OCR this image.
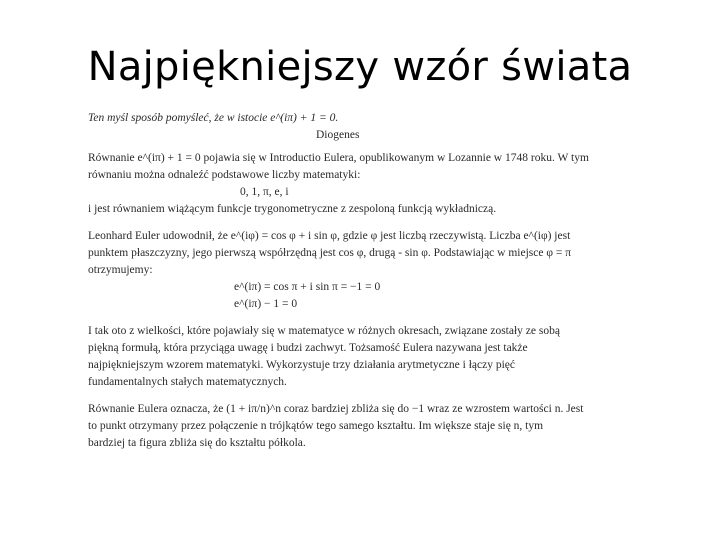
Najpiękniejszy wzór świata
Ten myśl sposób pomyśleć, że w istocie e^(iπ) + 1 = 0.
Diogenes
Równanie e^(iπ) + 1 = 0 pojawia się w Introductio Eulera, opublikowanym w Lozannie w 1748 roku. W tym
równaniu można odnaleźć podstawowe liczby matematyki:
0, 1, π, e, i
i jest równaniem wiążącym funkcje trygonometryczne z zespoloną funkcją wykładniczą.
Leonhard Euler udowodnił, że e^(iφ) = cos φ + i sin φ, gdzie φ jest liczbą rzeczywistą. Liczba e^(iφ) jest
punktem płaszczyzny, jego pierwszą współrzędną jest cos φ, drugą - sin φ. Podstawiając w miejsce φ = π
otrzymujemy:
e^(iπ) = cos π + i sin π = −1 = 0
e^(iπ) − 1 = 0
I tak oto z wielkości, które pojawiały się w matematyce w różnych okresach, związane zostały ze sobą
piękną formułą, która przyciąga uwagę i budzi zachwyt. Tożsamość Eulera nazywana jest także
najpiękniejszym wzorem matematyki. Wykorzystuje trzy działania arytmetyczne i łączy pięć
fundamentalnych stałych matematycznych.
Równanie Eulera oznacza, że (1 + iπ/n)^n coraz bardziej zbliża się do −1 wraz ze wzrostem wartości n. Jest
to punkt otrzymany przez połączenie n trójkątów tego samego kształtu. Im większe staje się n, tym
bardziej ta figura zbliża się do kształtu półkola.
